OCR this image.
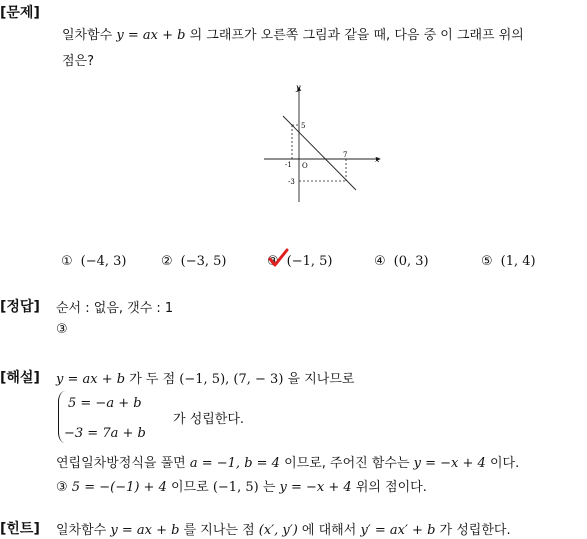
[문제]
일차함수 y = ax + b 의 그래프가 오른쪽 그림과 같을 때, 다음 중 이 그래프 위의
점은?
y
x
5
7
-1 O
-3
① (−4, 3)	② (−3, 5)	③ (−1, 5)	④ (0, 3)	⑤ (1, 4)
[정답] 순서 : 없음, 갯수 : 1
③
[해설] y = ax + b 가 두 점 (−1, 5), (7, − 3) 을 지나므로
5 = −a + b
−3 = 7a + b
가 성립한다.
연립일차방정식을 풀면 a = −1, b = 4 이므로, 주어진 함수는 y = −x + 4 이다.
③ 5 = −(−1) + 4 이므로 (−1, 5) 는 y = −x + 4 위의 점이다.
[힌트] 일차함수 y = ax + b 를 지나는 점 (x′, y′) 에 대해서 y′ = ax′ + b 가 성립한다.
